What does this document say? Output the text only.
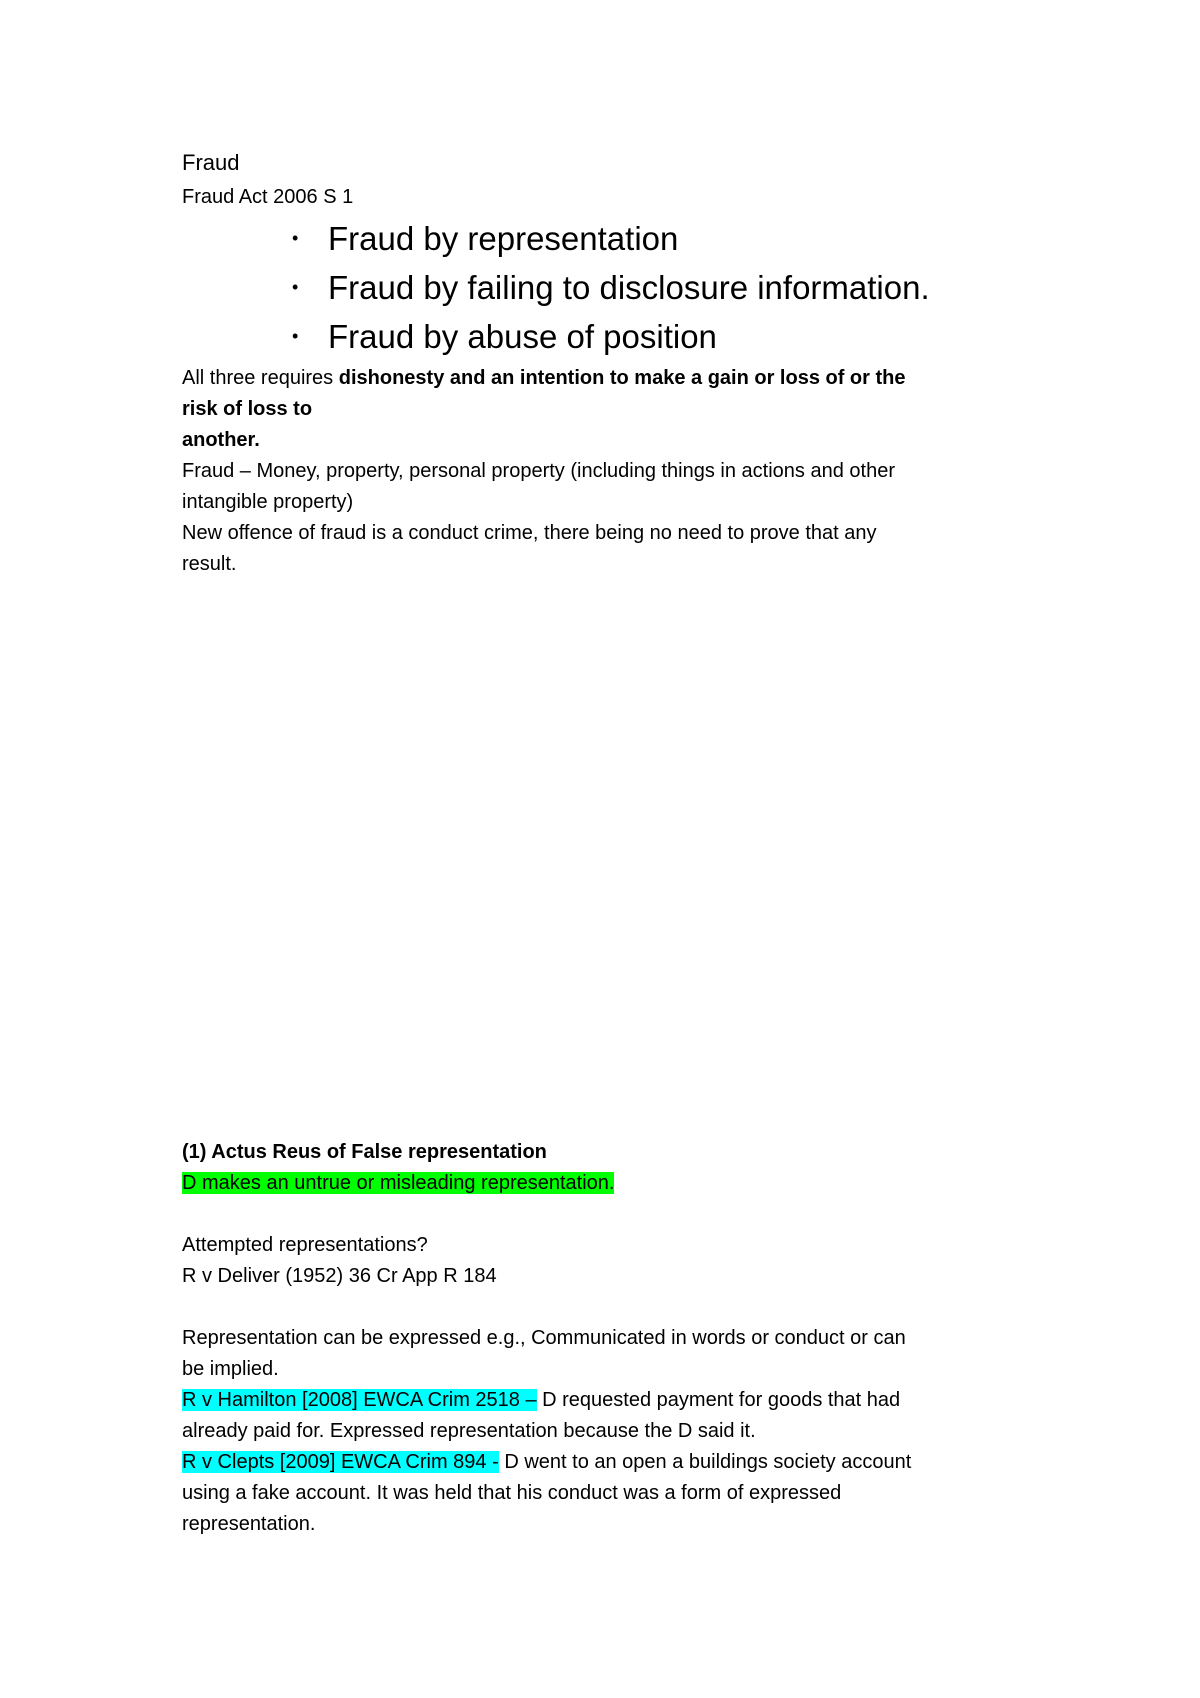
Fraud
Fraud Act 2006 S 1
• Fraud by representation
• Fraud by failing to disclosure information.
• Fraud by abuse of position
All three requires dishonesty and an intention to make a gain or loss of or the
risk of loss to
another.
Fraud – Money, property, personal property (including things in actions and other
intangible property)
New offence of fraud is a conduct crime, there being no need to prove that any
result.
(1) Actus Reus of False representation
D makes an untrue or misleading representation.
Attempted representations?
R v Deliver (1952) 36 Cr App R 184
Representation can be expressed e.g., Communicated in words or conduct or can
be implied.
R v Hamilton [2008] EWCA Crim 2518 – D requested payment for goods that had
already paid for. Expressed representation because the D said it.
R v Clepts [2009] EWCA Crim 894 - D went to an open a buildings society account
using a fake account. It was held that his conduct was a form of expressed
representation.
